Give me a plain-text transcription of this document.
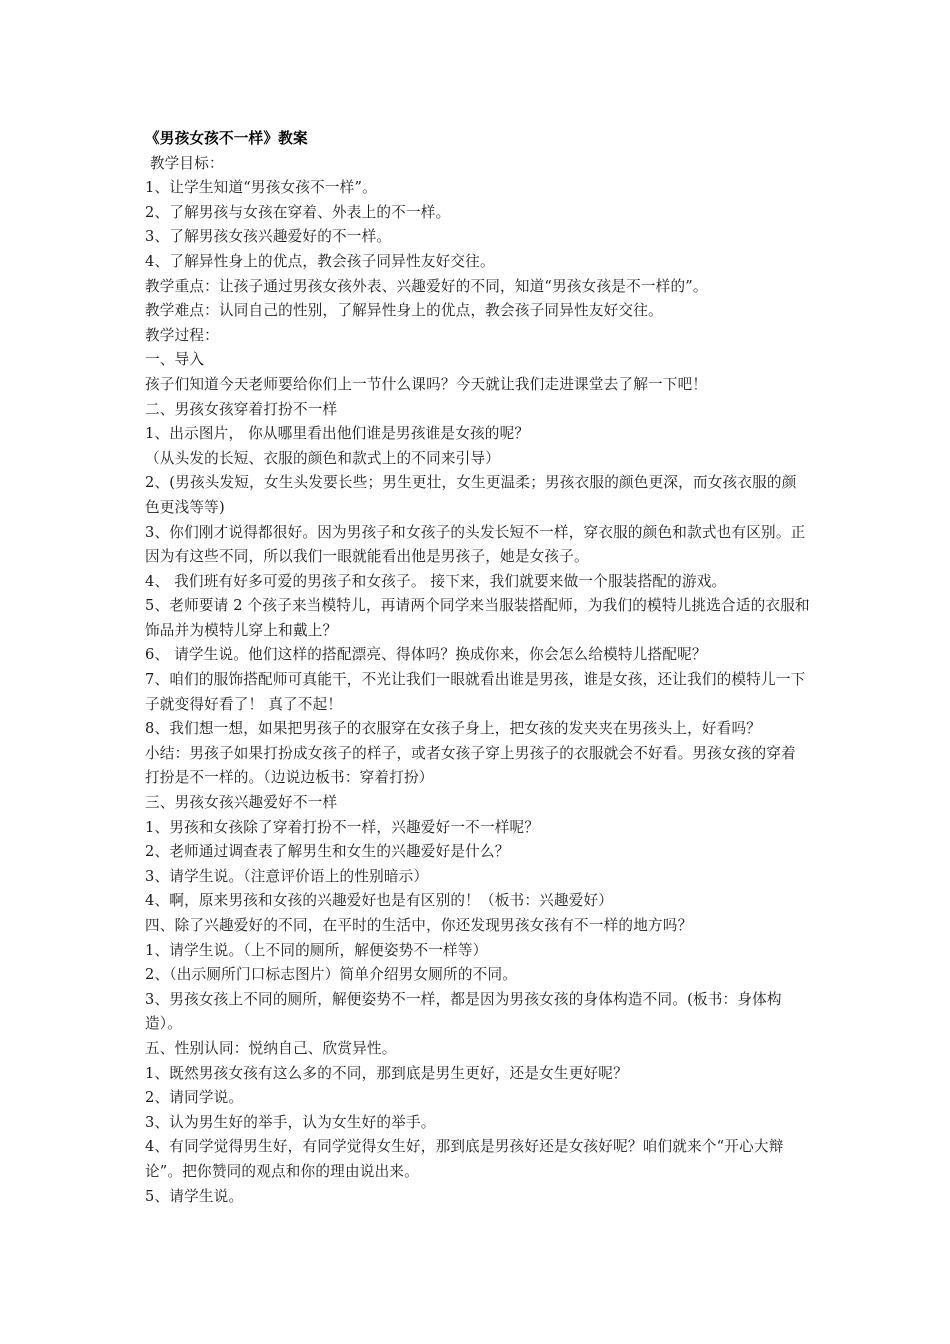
《男孩女孩不一样》教案

教学目标：

1、让学生知道“男孩女孩不一样”。

2、了解男孩与女孩在穿着、外表上的不一样。

3、了解男孩女孩兴趣爱好的不一样。

4、了解异性身上的优点，教会孩子同异性友好交往。

教学重点：让孩子通过男孩女孩外表、兴趣爱好的不同，知道“男孩女孩是不一样的”。

教学难点：认同自己的性别，了解异性身上的优点，教会孩子同异性友好交往。

教学过程：

一、导入

孩子们知道今天老师要给你们上一节什么课吗？今天就让我们走进课堂去了解一下吧！

二、男孩女孩穿着打扮不一样

1、出示图片， 你从哪里看出他们谁是男孩谁是女孩的呢？

（从头发的长短、衣服的颜色和款式上的不同来引导）

2、(男孩头发短，女生头发要长些；男生更壮，女生更温柔；男孩衣服的颜色更深，而女孩衣服的颜色更浅等等)

3、你们刚才说得都很好。因为男孩子和女孩子的头发长短不一样，穿衣服的颜色和款式也有区别。正因为有这些不同，所以我们一眼就能看出他是男孩子，她是女孩子。

4、 我们班有好多可爱的男孩子和女孩子。 接下来，我们就要来做一个服装搭配的游戏。

5、老师要请 2 个孩子来当模特儿，再请两个同学来当服装搭配师，为我们的模特儿挑选合适的衣服和饰品并为模特儿穿上和戴上？

6、 请学生说。他们这样的搭配漂亮、得体吗？换成你来，你会怎么给模特儿搭配呢？

7、咱们的服饰搭配师可真能干，不光让我们一眼就看出谁是男孩，谁是女孩，还让我们的模特儿一下子就变得好看了！ 真了不起！

8、我们想一想，如果把男孩子的衣服穿在女孩子身上，把女孩的发夹夹在男孩头上，好看吗？

小结：男孩子如果打扮成女孩子的样子，或者女孩子穿上男孩子的衣服就会不好看。男孩女孩的穿着打扮是不一样的。（边说边板书：穿着打扮）

三、男孩女孩兴趣爱好不一样

1、男孩和女孩除了穿着打扮不一样，兴趣爱好一不一样呢？

2、老师通过调查表了解男生和女生的兴趣爱好是什么？

3、请学生说。（注意评价语上的性别暗示）

4、啊，原来男孩和女孩的兴趣爱好也是有区别的！（板书：兴趣爱好）

四、除了兴趣爱好的不同，在平时的生活中，你还发现男孩女孩有不一样的地方吗？

1、请学生说。（上不同的厕所，解便姿势不一样等）

2、（出示厕所门口标志图片）简单介绍男女厕所的不同。

3、男孩女孩上不同的厕所，解便姿势不一样，都是因为男孩女孩的身体构造不同。(板书：身体构造）。

五、性别认同：悦纳自己、欣赏异性。

1、既然男孩女孩有这么多的不同，那到底是男生更好，还是女生更好呢？

2、请同学说。

3、认为男生好的举手，认为女生好的举手。

4、有同学觉得男生好，有同学觉得女生好，那到底是男孩好还是女孩好呢？咱们就来个“开心大辩论”。把你赞同的观点和你的理由说出来。

5、请学生说。
